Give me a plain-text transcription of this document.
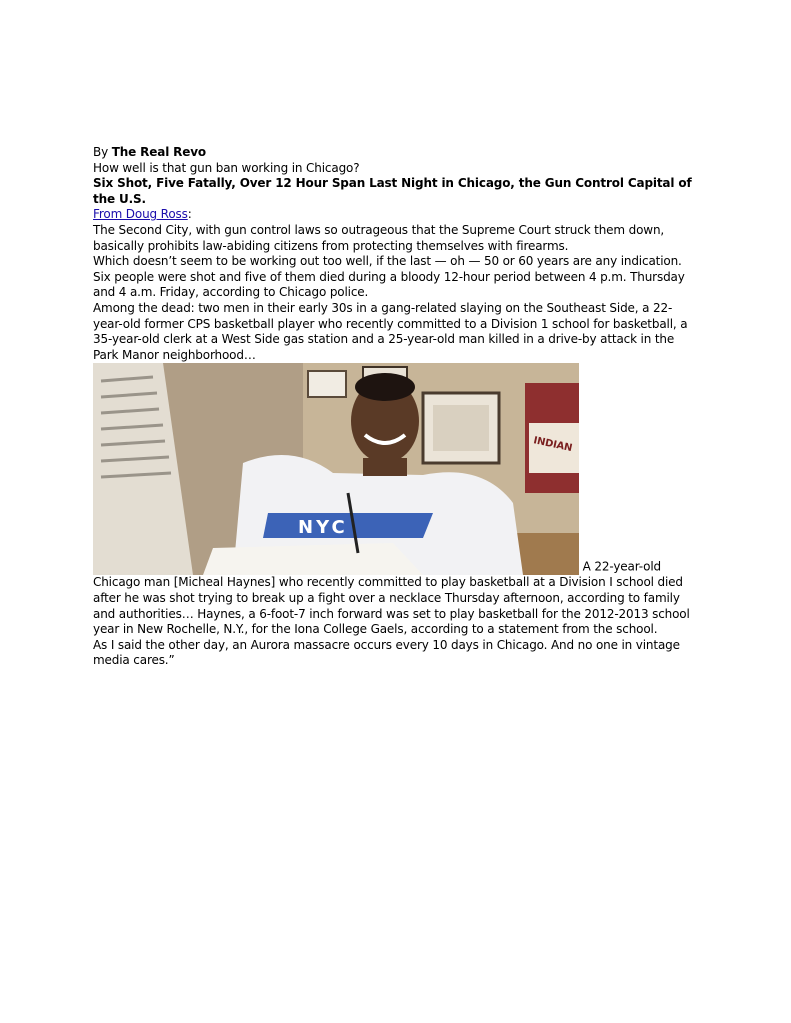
By The Real Revo

How well is that gun ban working in Chicago?

Six Shot, Five Fatally, Over 12 Hour Span Last Night in Chicago, the Gun Control Capital of the U.S.

From Doug Ross:

The Second City, with gun control laws so outrageous that the Supreme Court struck them down, basically prohibits law-abiding citizens from protecting themselves with firearms.

Which doesn’t seem to be working out too well, if the last — oh — 50 or 60 years are any indication.

Six people were shot and five of them died during a bloody 12-hour period between 4 p.m. Thursday and 4 a.m. Friday, according to Chicago police.

Among the dead: two men in their early 30s in a gang-related slaying on the Southeast Side, a 22-year-old former CPS basketball player who recently committed to a Division 1 school for basketball, a 35-year-old clerk at a West Side gas station and a 25-year-old man killed in a drive-by attack in the Park Manor neighborhood…

INDIAN
NYC
A 22-year-old Chicago man [Micheal Haynes] who recently committed to play basketball at a Division I school died after he was shot trying to break up a fight over a necklace Thursday afternoon, according to family and authorities… Haynes, a 6-foot-7 inch forward was set to play basketball for the 2012-2013 school year in New Rochelle, N.Y., for the Iona College Gaels, according to a statement from the school.

As I said the other day, an Aurora massacre occurs every 10 days in Chicago. And no one in vintage media cares.”
